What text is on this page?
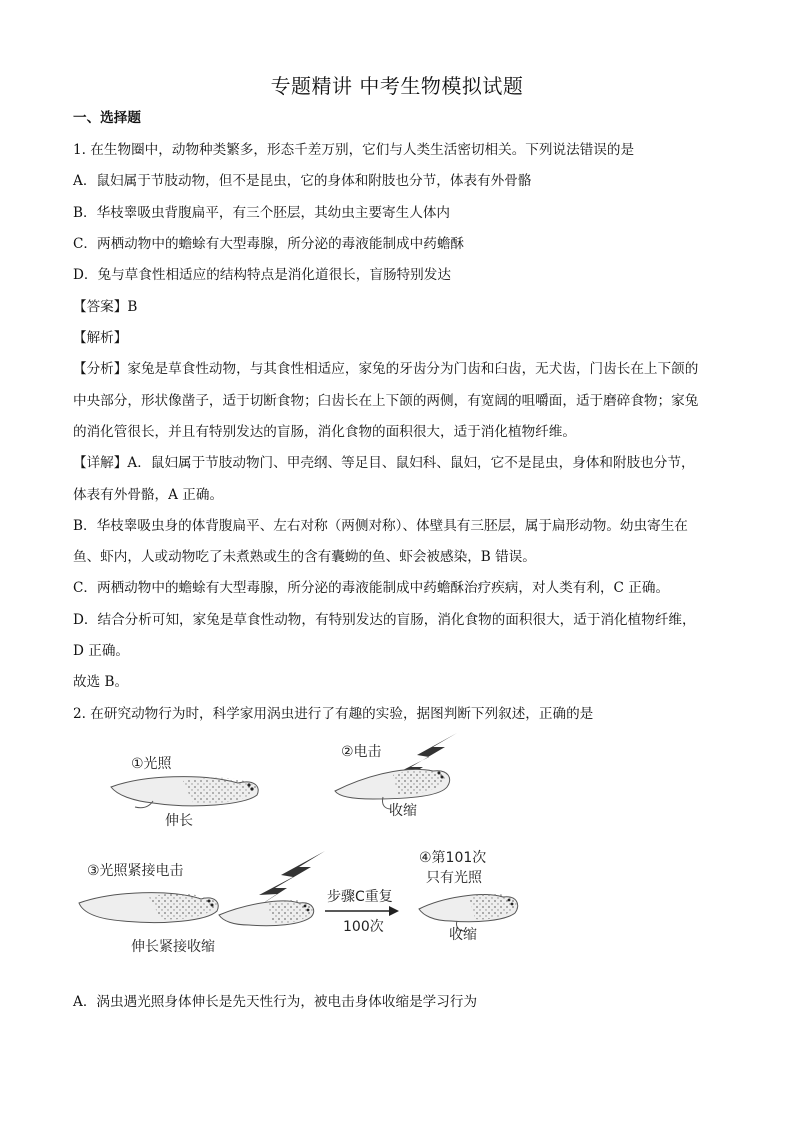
专题精讲 中考生物模拟试题
一、选择题
1. 在生物圈中，动物种类繁多，形态千差万别，它们与人类生活密切相关。下列说法错误的是
A．鼠妇属于节肢动物，但不是昆虫，它的身体和附肢也分节，体表有外骨骼
B．华枝睾吸虫背腹扁平，有三个胚层，其幼虫主要寄生人体内
C．两栖动物中的蟾蜍有大型毒腺，所分泌的毒液能制成中药蟾酥
D．兔与草食性相适应的结构特点是消化道很长，盲肠特别发达
【答案】B
【解析】
【分析】家兔是草食性动物，与其食性相适应，家兔的牙齿分为门齿和臼齿，无犬齿，门齿长在上下颌的
中央部分，形状像凿子，适于切断食物；臼齿长在上下颌的两侧，有宽阔的咀嚼面，适于磨碎食物；家兔
的消化管很长，并且有特别发达的盲肠，消化食物的面积很大，适于消化植物纤维。
【详解】A．鼠妇属于节肢动物门、甲壳纲、等足目、鼠妇科、鼠妇，它不是昆虫，身体和附肢也分节，
体表有外骨骼，A 正确。
B．华枝睾吸虫身的体背腹扁平、左右对称（两侧对称）、体壁具有三胚层，属于扁形动物。幼虫寄生在
鱼、虾内，人或动物吃了未煮熟或生的含有囊蚴的鱼、虾会被感染，B 错误。
C．两栖动物中的蟾蜍有大型毒腺，所分泌的毒液能制成中药蟾酥治疗疾病，对人类有利，C 正确。
D．结合分析可知，家兔是草食性动物，有特别发达的盲肠，消化食物的面积很大，适于消化植物纤维，
D 正确。
故选 B。
2. 在研究动物行为时，科学家用涡虫进行了有趣的实验，据图判断下列叙述，正确的是
①光照
伸长
②电击
收缩
③光照紧接电击
伸长紧接收缩
步骤C重复
100次
④第101次
只有光照
收缩
A．涡虫遇光照身体伸长是先天性行为，被电击身体收缩是学习行为
